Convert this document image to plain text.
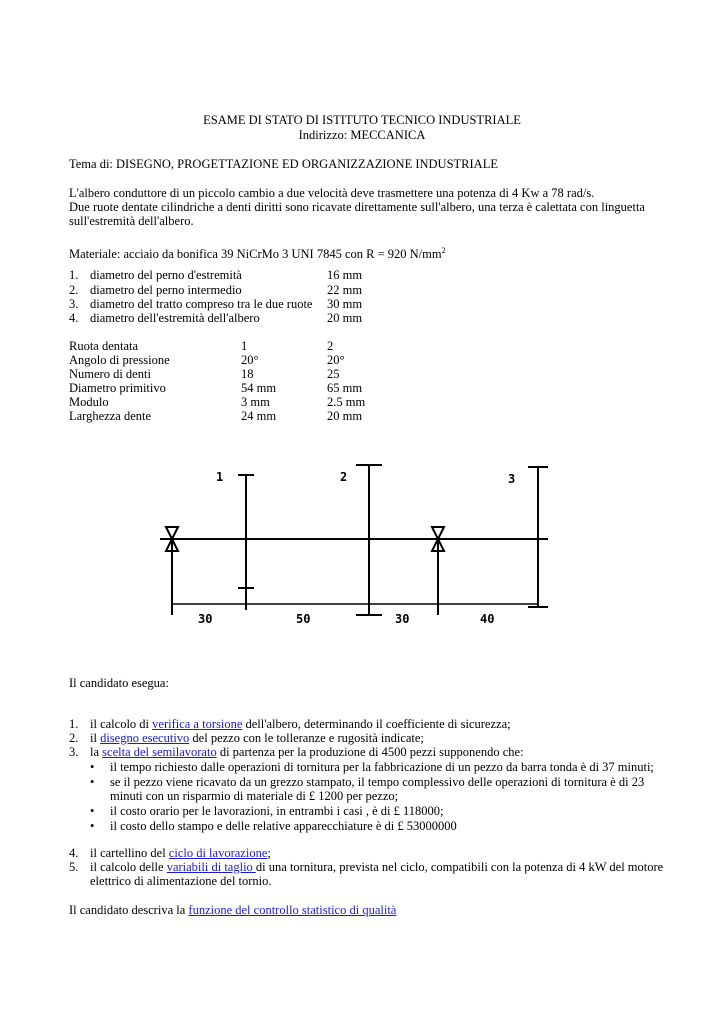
ESAME DI STATO DI ISTITUTO TECNICO INDUSTRIALE
Indirizzo: MECCANICA
Tema di: DISEGNO, PROGETTAZIONE ED ORGANIZZAZIONE INDUSTRIALE
L'albero conduttore di un piccolo cambio a due velocità deve trasmettere una potenza di 4 Kw a 78 rad/s.
Due ruote dentate cilindriche a denti diritti sono ricavate direttamente sull'albero, una terza è calettata con linguetta
sull'estremità dell'albero.
Materiale: acciaio da bonifica 39 NiCrMo 3 UNI 7845 con R = 920 $N/mm^2$
1. diametro del perno d'estremità	16 mm
2. diametro del perno intermedio	22 mm
3. diametro del tratto compreso tra le due ruote 30 mm
4. diametro dell'estremità dell'albero	20 mm
Ruota dentata	1	2
Angolo di pressione	20°	20°
Numero di denti	18	25
Diametro primitivo	54 mm	65 mm
Modulo	3 mm	2.5 mm
Larghezza dente	24 mm	20 mm
1	2	3
30	50	30	40
Il candidato esegua:
1. il calcolo di verifica a torsione dell'albero, determinando il coefficiente di sicurezza;
2. il disegno esecutivo del pezzo con le tolleranze e rugosità indicate;
3. la scelta del semilavorato di partenza per la produzione di 4500 pezzi supponendo che:
• il tempo richiesto dalle operazioni di tornitura per la fabbricazione di un pezzo da barra tonda è di 37 minuti;
• se il pezzo viene ricavato da un grezzo stampato, il tempo complessivo delle operazioni di tornitura è di 23
minuti con un risparmio di materiale di £ 1200 per pezzo;
• il costo orario per le lavorazioni, in entrambi i casi , è di £ 118000;
• il costo dello stampo e delle relative apparecchiature è di £ 53000000
4. il cartellino del ciclo di lavorazione;
5. il calcolo delle variabili di taglio di una tornitura, prevista nel ciclo, compatibili con la potenza di 4 kW del motore
elettrico di alimentazione del tornio.
Il candidato descriva la funzione del controllo statistico di qualità
